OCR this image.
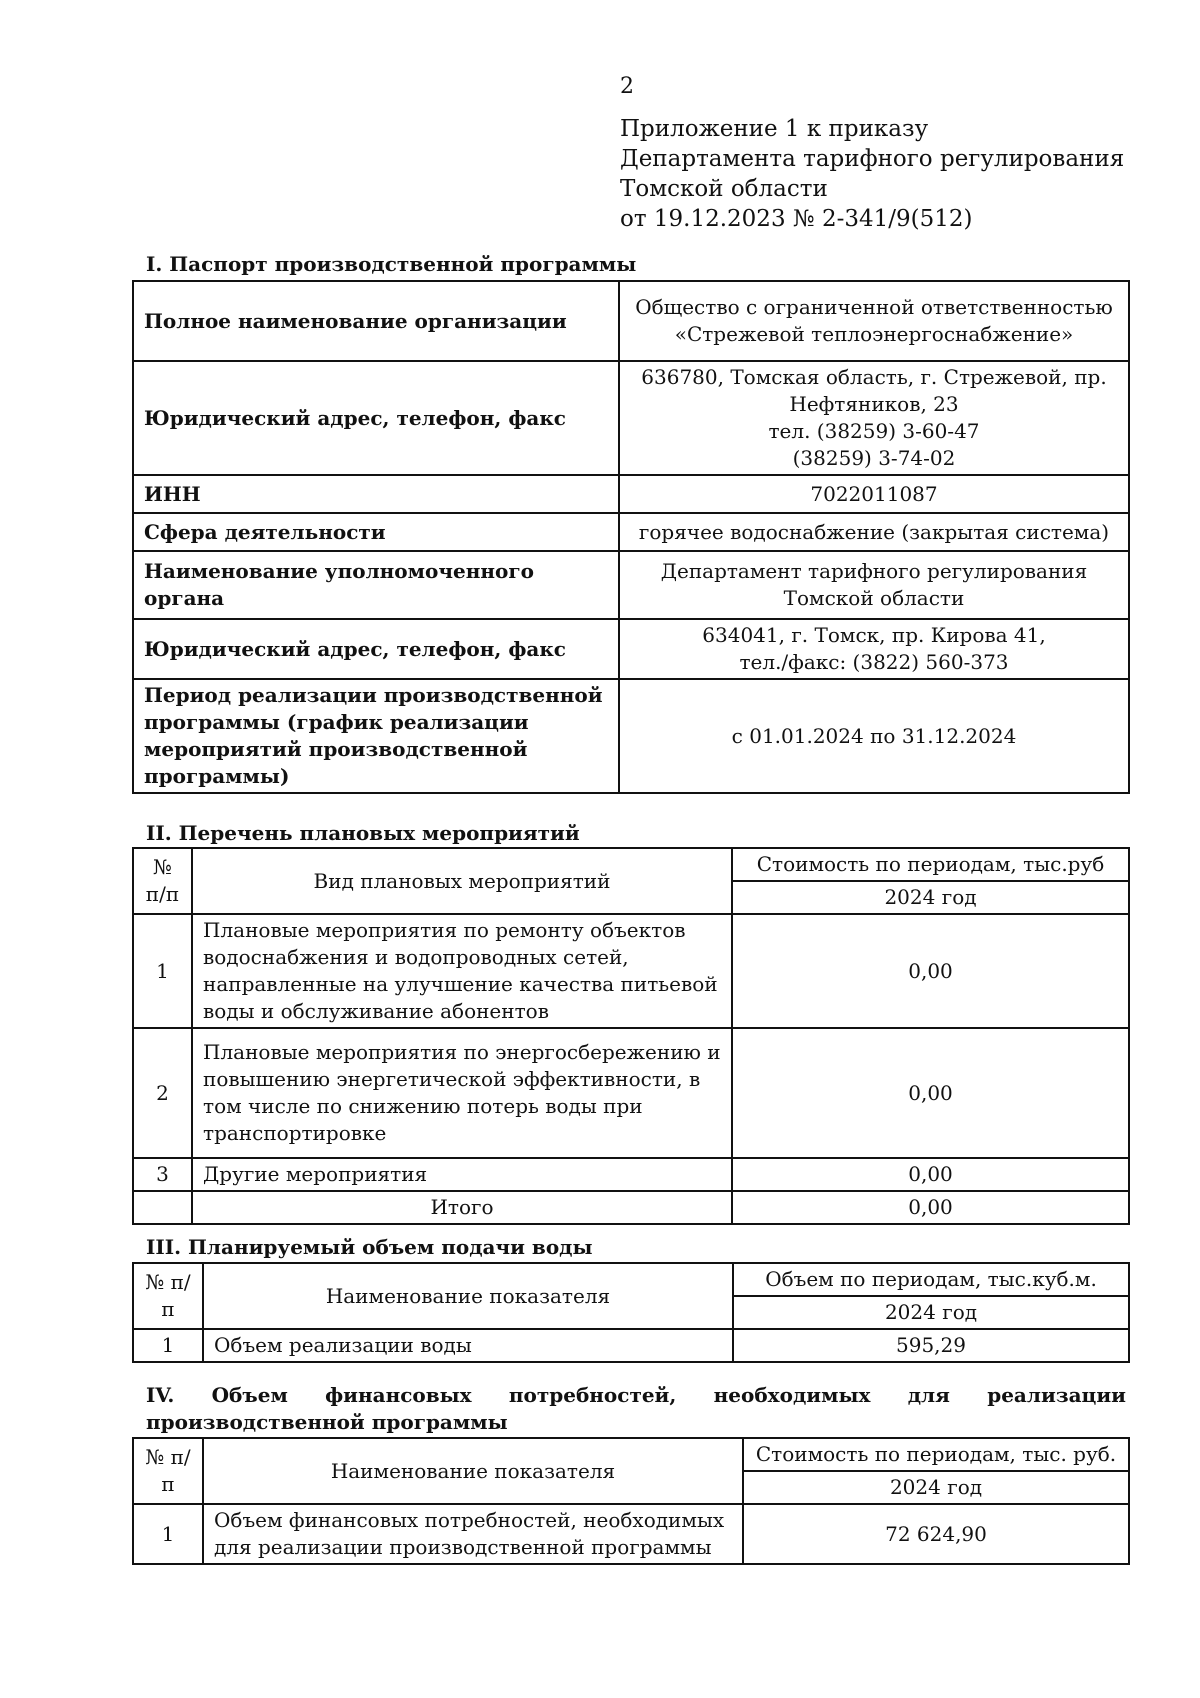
2
Приложение 1 к приказу
Департамента тарифного регулирования
Томской области
от 19.12.2023 № 2-341/9(512)
I. Паспорт производственной программы
Полное наименование организации	Общество с ограниченной ответственностью
«Стрежевой теплоэнергоснабжение»

Юридический адрес, телефон, факс	636780, Томская область, г. Стрежевой, пр.
Нефтяников, 23
тел. (38259) 3-60-47
(38259) 3-74-02

ИНН	7022011087

Сфера деятельности	горячее водоснабжение (закрытая система)

Наименование уполномоченного органа	Департамент тарифного регулирования
Томской области

Юридический адрес, телефон, факс	634041, г. Томск, пр. Кирова 41,
тел./факс: (3822) 560-373

Период реализации производственной программы (график реализации мероприятий производственной программы)	с 01.01.2024 по 31.12.2024
II. Перечень плановых мероприятий
№ п/п	Вид плановых мероприятий	Стоимость по периодам, тыс.руб
		2024 год
1	Плановые мероприятия по ремонту объектов водоснабжения и водопроводных сетей, направленные на улучшение качества питьевой воды и обслуживание абонентов	0,00
2	Плановые мероприятия по энергосбережению и повышению энергетической эффективности, в том числе по снижению потерь воды при транспортировке	0,00
3	Другие мероприятия	0,00
	Итого	0,00
III. Планируемый объем подачи воды
№ п/п	Наименование показателя	Объем по периодам, тыс.куб.м.
		2024 год
1	Объем реализации воды	595,29
IV. Объем финансовых потребностей, необходимых для реализации производственной программы
№ п/п	Наименование показателя	Стоимость по периодам, тыс. руб.
		2024 год
1	Объем финансовых потребностей, необходимых для реализации производственной программы	72 624,90
